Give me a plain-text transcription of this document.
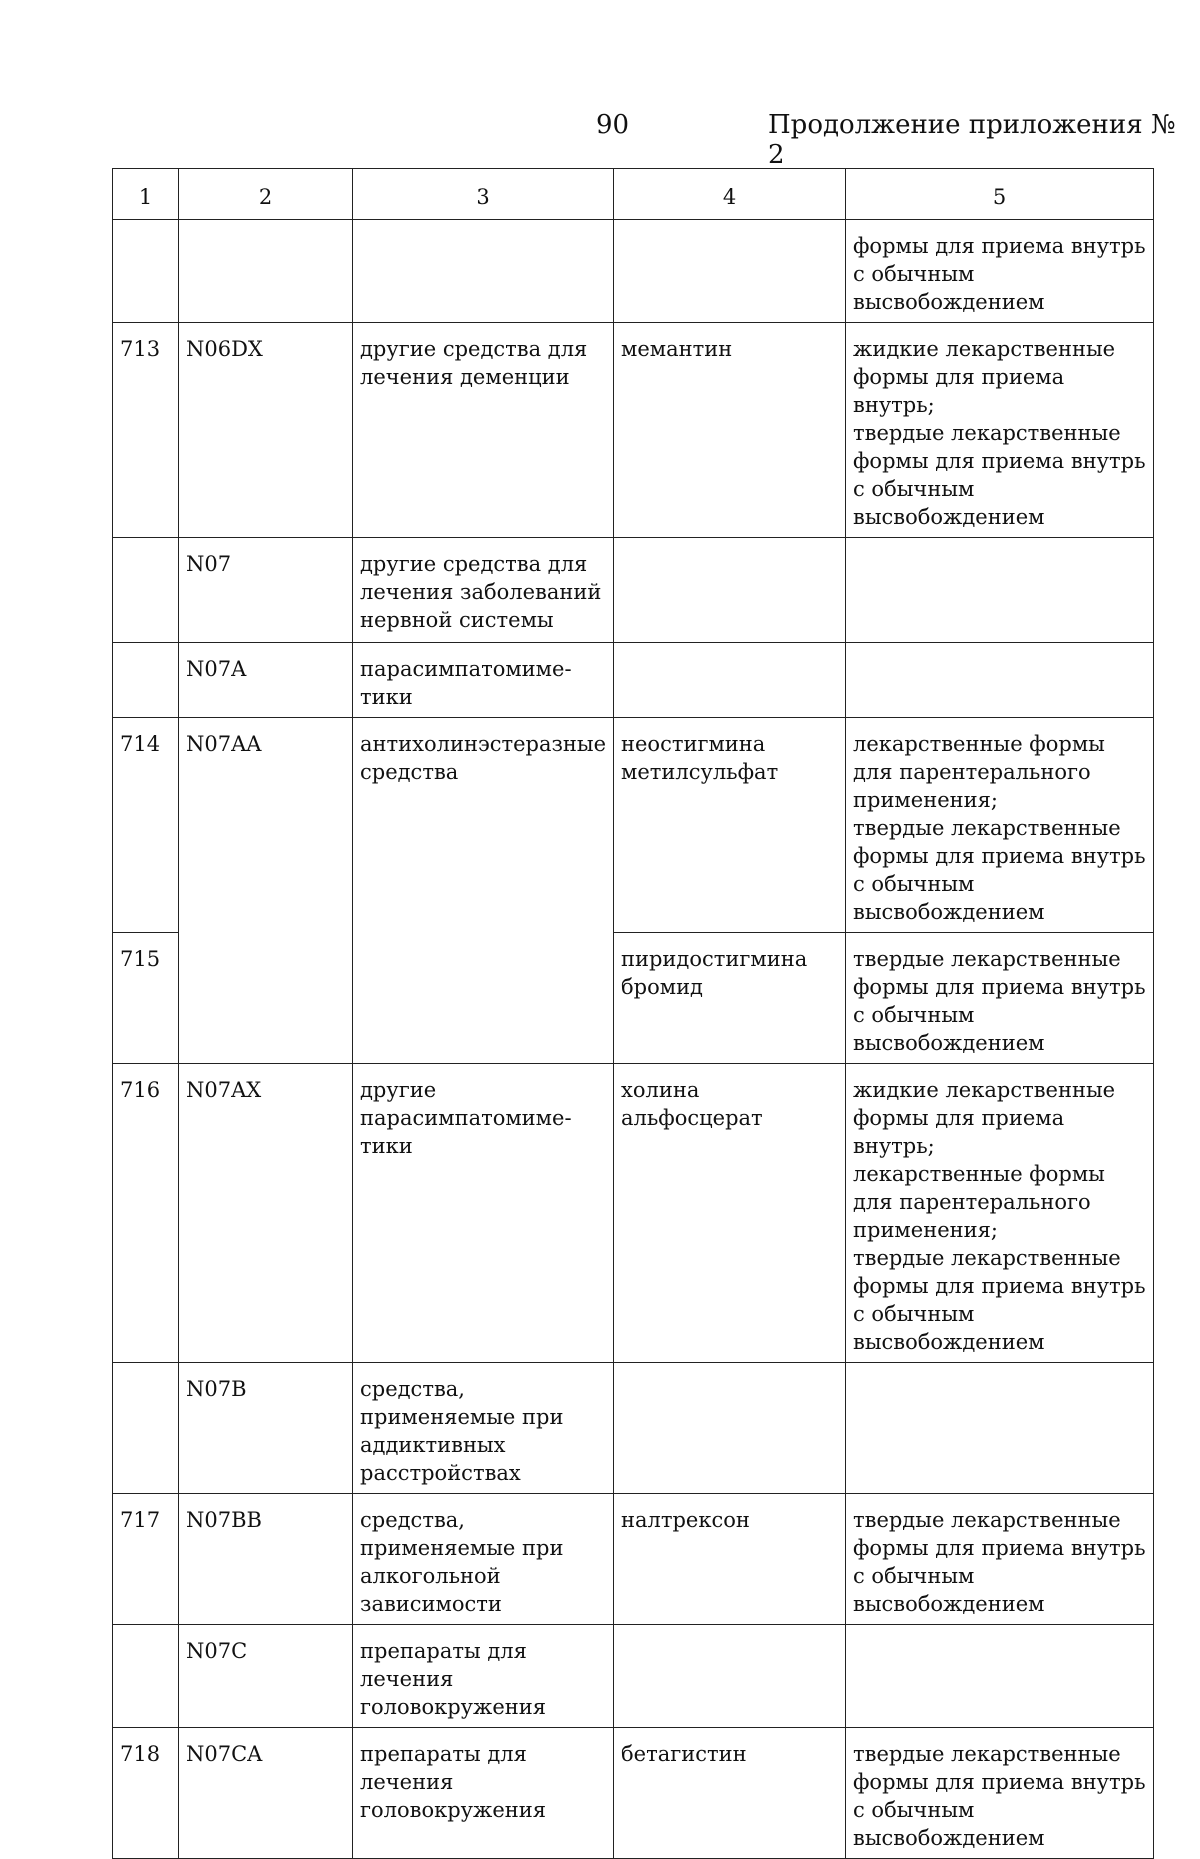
90	Продолжение приложения № 2
1	2	3	4	5
				формы для приема внутрь с обычным высвобождением
713	N06DX	другие средства для лечения деменции	мемантин	жидкие лекарственные формы для приема внутрь;
твердые лекарственные формы для приема внутрь с обычным высвобождением
	N07	другие средства для лечения заболеваний нервной системы		
	N07A	парасимпатомиме-тики		
714	N07AA	антихолинэстеразные средства	неостигмина метилсульфат	лекарственные формы для парентерального применения;
твердые лекарственные формы для приема внутрь с обычным высвобождением
715			пиридостигмина бромид	твердые лекарственные формы для приема внутрь с обычным высвобождением
716	N07AX	другие парасимпатомиме-тики	холина альфосцерат	жидкие лекарственные формы для приема внутрь;
лекарственные формы для парентерального применения;
твердые лекарственные формы для приема внутрь с обычным высвобождением
	N07B	средства, применяемые при аддиктивных расстройствах		
717	N07BB	средства, применяемые при алкогольной зависимости	налтрексон	твердые лекарственные формы для приема внутрь с обычным высвобождением
	N07C	препараты для лечения головокружения		
718	N07CA	препараты для лечения головокружения	бетагистин	твердые лекарственные формы для приема внутрь с обычным высвобождением
